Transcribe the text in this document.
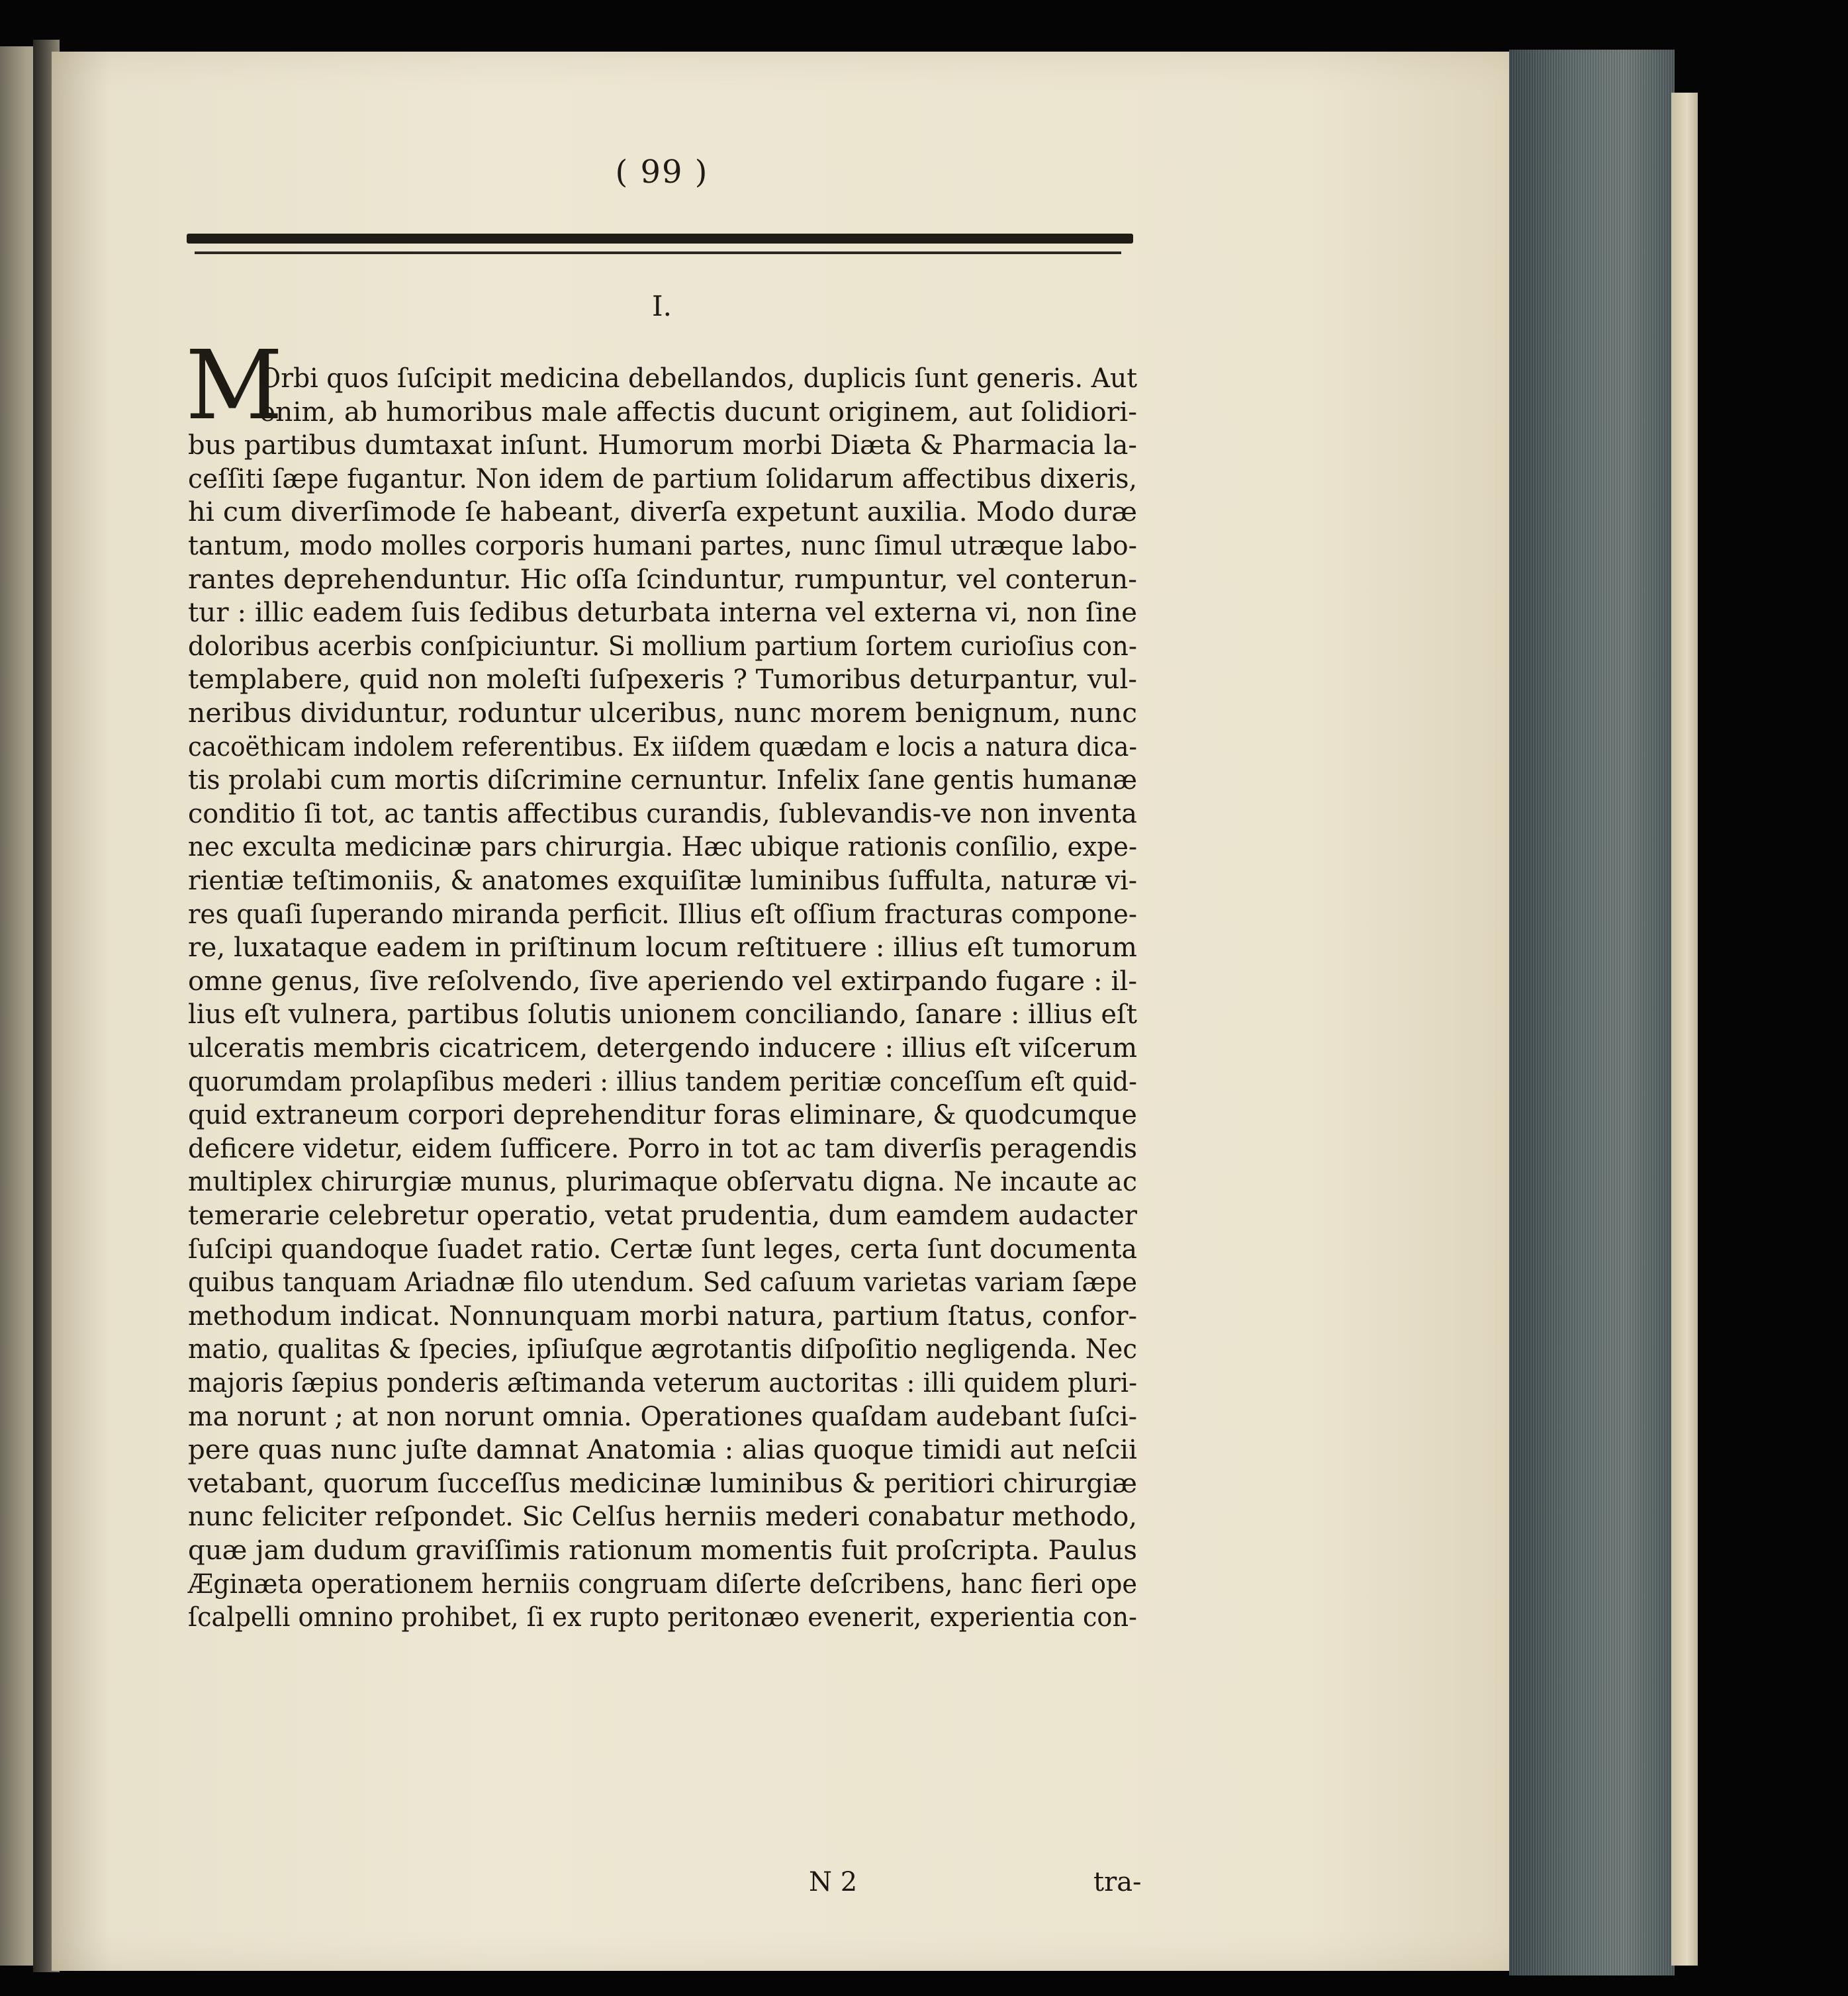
( 99 )
I.
M
Orbi quos ſuſcipit medicina debellandos, duplicis ſunt generis. Aut
enim, ab humoribus male affectis ducunt originem, aut ſolidiori-
bus partibus dumtaxat inſunt. Humorum morbi Diæta & Pharmacia la-
ceſſiti ſæpe fugantur. Non idem de partium ſolidarum affectibus dixeris,
hi cum diverſimode ſe habeant, diverſa expetunt auxilia. Modo duræ
tantum, modo molles corporis humani partes, nunc ſimul utræque labo-
rantes deprehenduntur. Hic oſſa ſcinduntur, rumpuntur, vel conterun-
tur : illic eadem ſuis ſedibus deturbata interna vel externa vi, non ſine
doloribus acerbis conſpiciuntur. Si mollium partium ſortem curioſius con-
templabere, quid non moleſti ſuſpexeris ? Tumoribus deturpantur, vul-
neribus dividuntur, roduntur ulceribus, nunc morem benignum, nunc
cacoëthicam indolem referentibus. Ex iiſdem quædam e locis a natura dica-
tis prolabi cum mortis diſcrimine cernuntur. Infelix ſane gentis humanæ
conditio ſi tot, ac tantis affectibus curandis, ſublevandis-ve non inventa
nec exculta medicinæ pars chirurgia. Hæc ubique rationis conſilio, expe-
rientiæ teſtimoniis, & anatomes exquiſitæ luminibus ſuffulta, naturæ vi-
res quaſi ſuperando miranda perficit. Illius eſt oſſium fracturas compone-
re, luxataque eadem in priſtinum locum reſtituere : illius eſt tumorum
omne genus, ſive reſolvendo, ſive aperiendo vel extirpando fugare : il-
lius eſt vulnera, partibus ſolutis unionem conciliando, ſanare : illius eſt
ulceratis membris cicatricem, detergendo inducere : illius eſt viſcerum
quorumdam prolapſibus mederi : illius tandem peritiæ conceſſum eſt quid-
quid extraneum corpori deprehenditur foras eliminare, & quodcumque
deficere videtur, eidem ſufficere. Porro in tot ac tam diverſis peragendis
multiplex chirurgiæ munus, plurimaque obſervatu digna. Ne incaute ac
temerarie celebretur operatio, vetat prudentia, dum eamdem audacter
ſuſcipi quandoque ſuadet ratio. Certæ ſunt leges, certa ſunt documenta
quibus tanquam Ariadnæ filo utendum. Sed caſuum varietas variam ſæpe
methodum indicat. Nonnunquam morbi natura, partium ſtatus, confor-
matio, qualitas & ſpecies, ipſiuſque ægrotantis diſpoſitio negligenda. Nec
majoris ſæpius ponderis æſtimanda veterum auctoritas : illi quidem pluri-
ma norunt ; at non norunt omnia. Operationes quaſdam audebant ſuſci-
pere quas nunc juſte damnat Anatomia : alias quoque timidi aut neſcii
vetabant, quorum ſucceſſus medicinæ luminibus & peritiori chirurgiæ
nunc feliciter reſpondet. Sic Celſus herniis mederi conabatur methodo,
quæ jam dudum graviſſimis rationum momentis fuit proſcripta. Paulus
Æginæta operationem herniis congruam diſerte deſcribens, hanc fieri ope
ſcalpelli omnino prohibet, ſi ex rupto peritonæo evenerit, experientia con-
N 2	tra-
